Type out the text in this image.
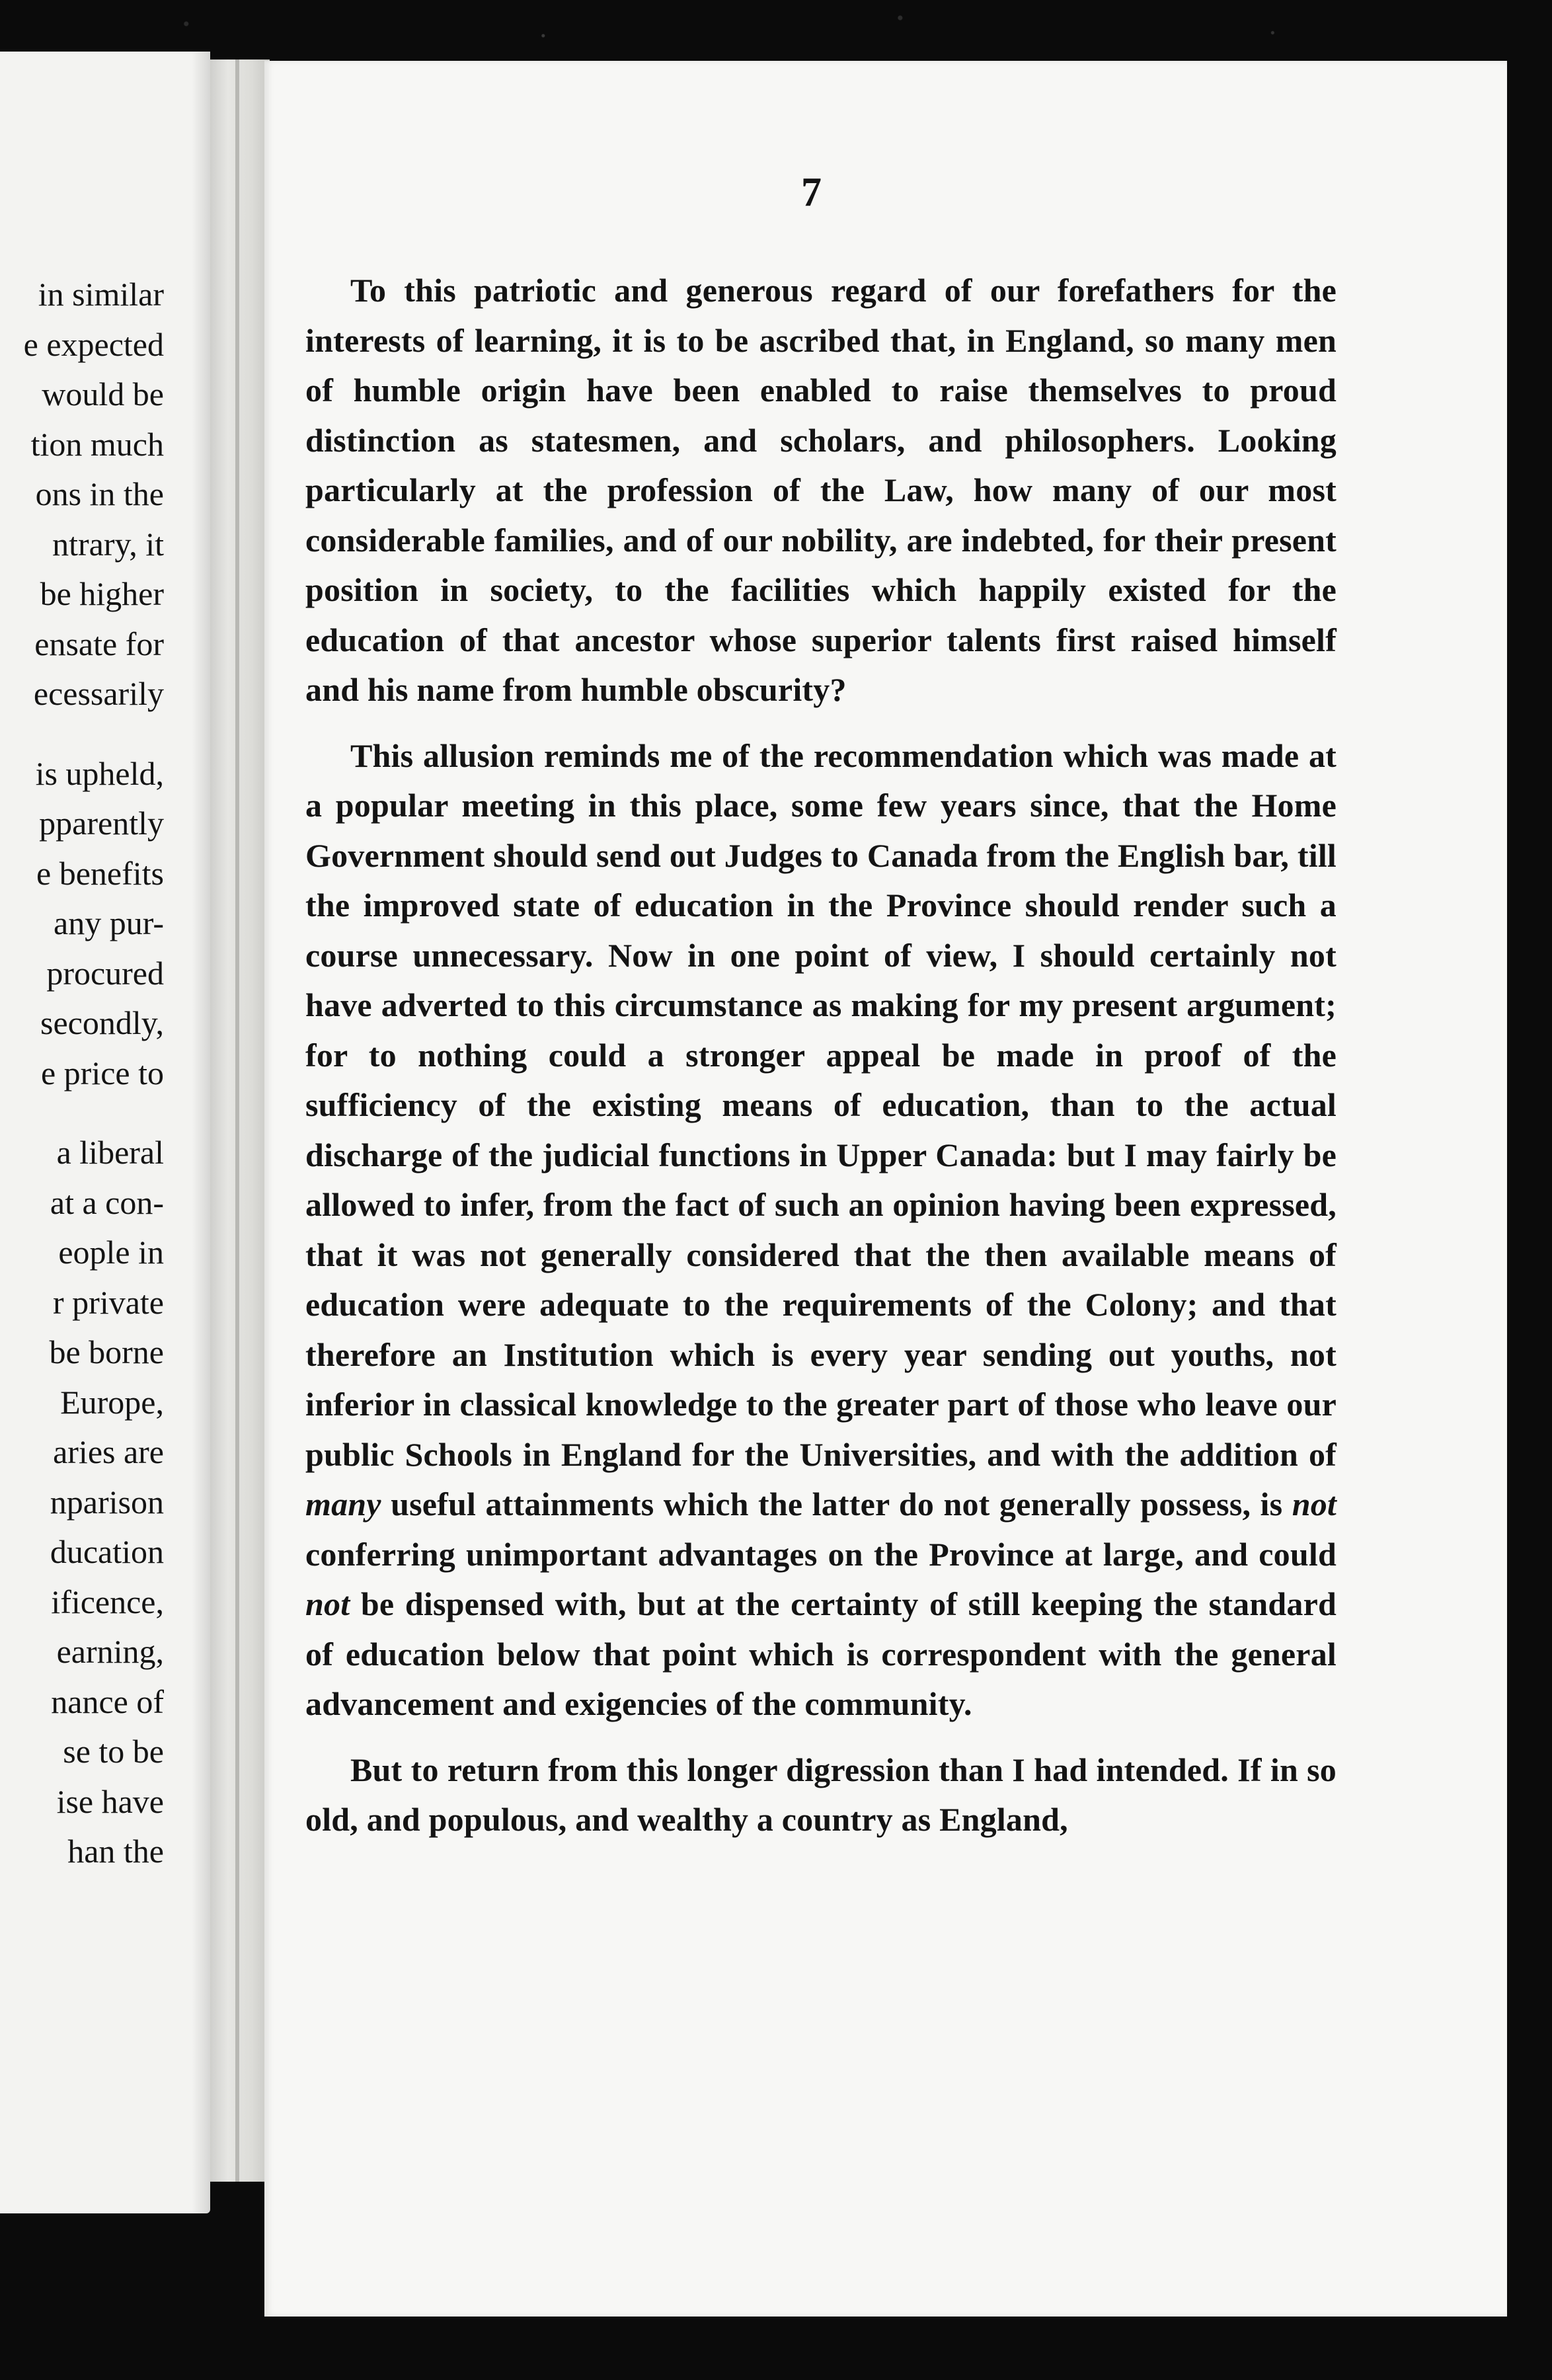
in similar
e expected
would be
tion much
ons in the
ntrary, it
be higher
ensate for
ecessarily
is upheld,
pparently
e benefits
any pur-
procured
secondly,
e price to
a liberal
at a con-
eople in
r private
be borne
Europe,
aries are
nparison
ducation
ificence,
earning,
nance of
se to be
ise have
han the
7

To this patriotic and generous regard of our forefathers for the interests of learning, it is to be ascribed that, in England, so many men of humble origin have been enabled to raise themselves to proud distinction as statesmen, and scholars, and philosophers. Looking particularly at the profession of the Law, how many of our most considerable families, and of our nobility, are indebted, for their present position in society, to the facilities which happily existed for the education of that ancestor whose superior talents first raised himself and his name from humble obscurity?

This allusion reminds me of the recommendation which was made at a popular meeting in this place, some few years since, that the Home Government should send out Judges to Canada from the English bar, till the improved state of education in the Province should render such a course unnecessary. Now in one point of view, I should certainly not have adverted to this circumstance as making for my present argument; for to nothing could a stronger appeal be made in proof of the sufficiency of the existing means of education, than to the actual discharge of the judicial functions in Upper Canada: but I may fairly be allowed to infer, from the fact of such an opinion having been expressed, that it was not generally considered that the then available means of education were adequate to the requirements of the Colony; and that therefore an Institution which is every year sending out youths, not inferior in classical knowledge to the greater part of those who leave our public Schools in England for the Universities, and with the addition of many useful attainments which the latter do not generally possess, is not conferring unimportant advantages on the Province at large, and could not be dispensed with, but at the certainty of still keeping the standard of education below that point which is correspondent with the general advancement and exigencies of the community.

But to return from this longer digression than I had intended. If in so old, and populous, and wealthy a country as England,
